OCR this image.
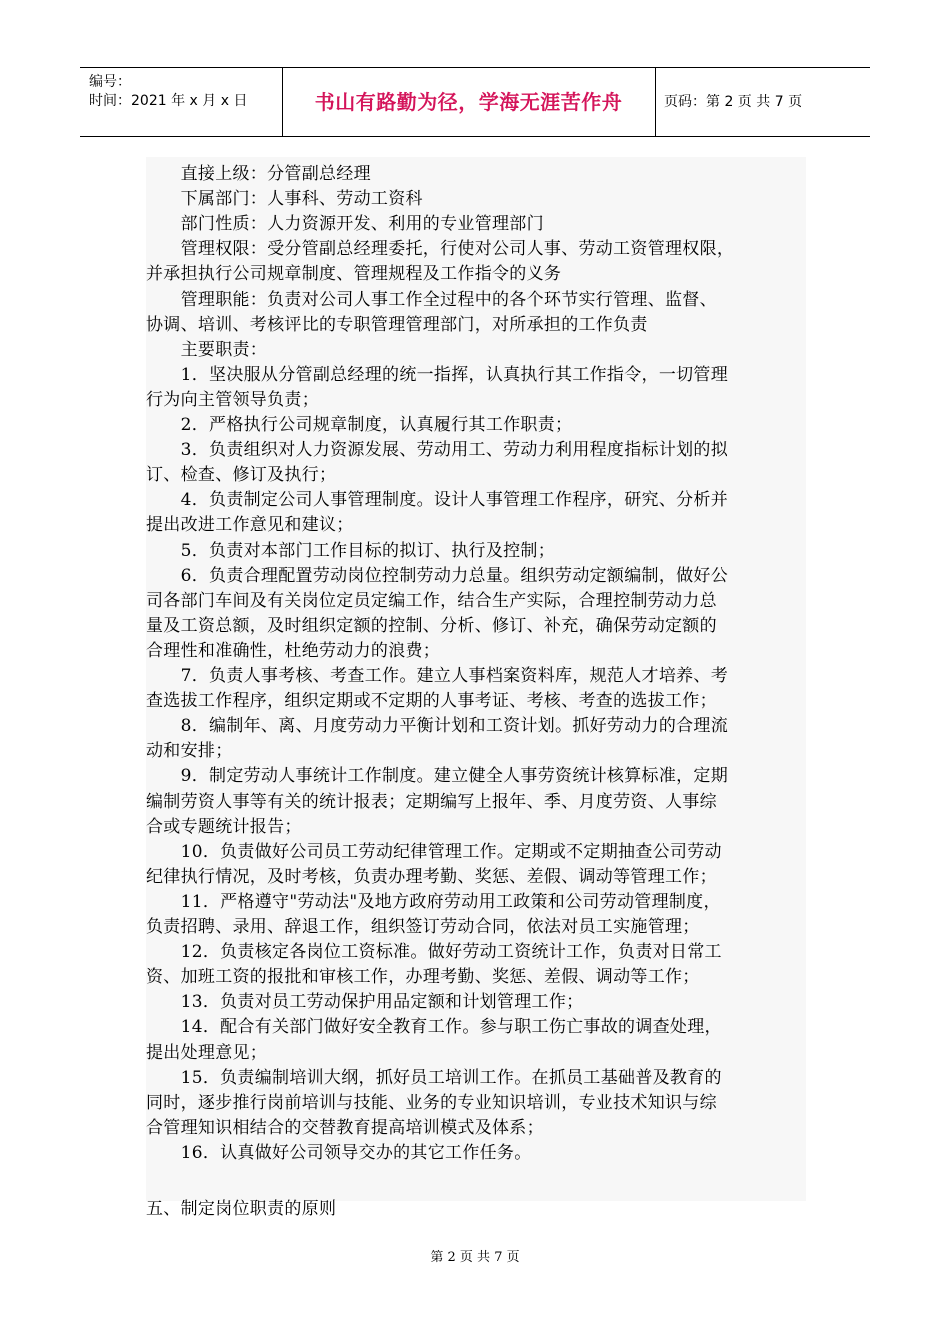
编号：
时间：2021 年 x 月 x 日	书山有路勤为径，学海无涯苦作舟	页码：第 2 页 共 7 页
　　直接上级：分管副总经理
　　下属部门：人事科、劳动工资科
　　部门性质：人力资源开发、利用的专业管理部门
　　管理权限：受分管副总经理委托，行使对公司人事、劳动工资管理权限，
并承担执行公司规章制度、管理规程及工作指令的义务
　　管理职能：负责对公司人事工作全过程中的各个环节实行管理、监督、
协调、培训、考核评比的专职管理管理部门，对所承担的工作负责
　　主要职责：
　　1．坚决服从分管副总经理的统一指挥，认真执行其工作指令，一切管理
行为向主管领导负责；
　　2．严格执行公司规章制度，认真履行其工作职责；
　　3．负责组织对人力资源发展、劳动用工、劳动力利用程度指标计划的拟
订、检查、修订及执行；
　　4．负责制定公司人事管理制度。设计人事管理工作程序，研究、分析并
提出改进工作意见和建议；
　　5．负责对本部门工作目标的拟订、执行及控制；
　　6．负责合理配置劳动岗位控制劳动力总量。组织劳动定额编制，做好公
司各部门车间及有关岗位定员定编工作，结合生产实际，合理控制劳动力总
量及工资总额，及时组织定额的控制、分析、修订、补充，确保劳动定额的
合理性和准确性，杜绝劳动力的浪费；
　　7．负责人事考核、考查工作。建立人事档案资料库，规范人才培养、考
查选拔工作程序，组织定期或不定期的人事考证、考核、考查的选拔工作；
　　8．编制年、离、月度劳动力平衡计划和工资计划。抓好劳动力的合理流
动和安排；
　　9．制定劳动人事统计工作制度。建立健全人事劳资统计核算标准，定期
编制劳资人事等有关的统计报表；定期编写上报年、季、月度劳资、人事综
合或专题统计报告；
　　10．负责做好公司员工劳动纪律管理工作。定期或不定期抽查公司劳动
纪律执行情况，及时考核，负责办理考勤、奖惩、差假、调动等管理工作；
　　11．严格遵守"劳动法"及地方政府劳动用工政策和公司劳动管理制度，
负责招聘、录用、辞退工作，组织签订劳动合同，依法对员工实施管理；
　　12．负责核定各岗位工资标准。做好劳动工资统计工作，负责对日常工
资、加班工资的报批和审核工作，办理考勤、奖惩、差假、调动等工作；
　　13．负责对员工劳动保护用品定额和计划管理工作；
　　14．配合有关部门做好安全教育工作。参与职工伤亡事故的调查处理，
提出处理意见；
　　15．负责编制培训大纲，抓好员工培训工作。在抓员工基础普及教育的
同时，逐步推行岗前培训与技能、业务的专业知识培训，专业技术知识与综
合管理知识相结合的交替教育提高培训模式及体系；
　　16．认真做好公司领导交办的其它工作任务。
五、制定岗位职责的原则
第 2 页 共 7 页
